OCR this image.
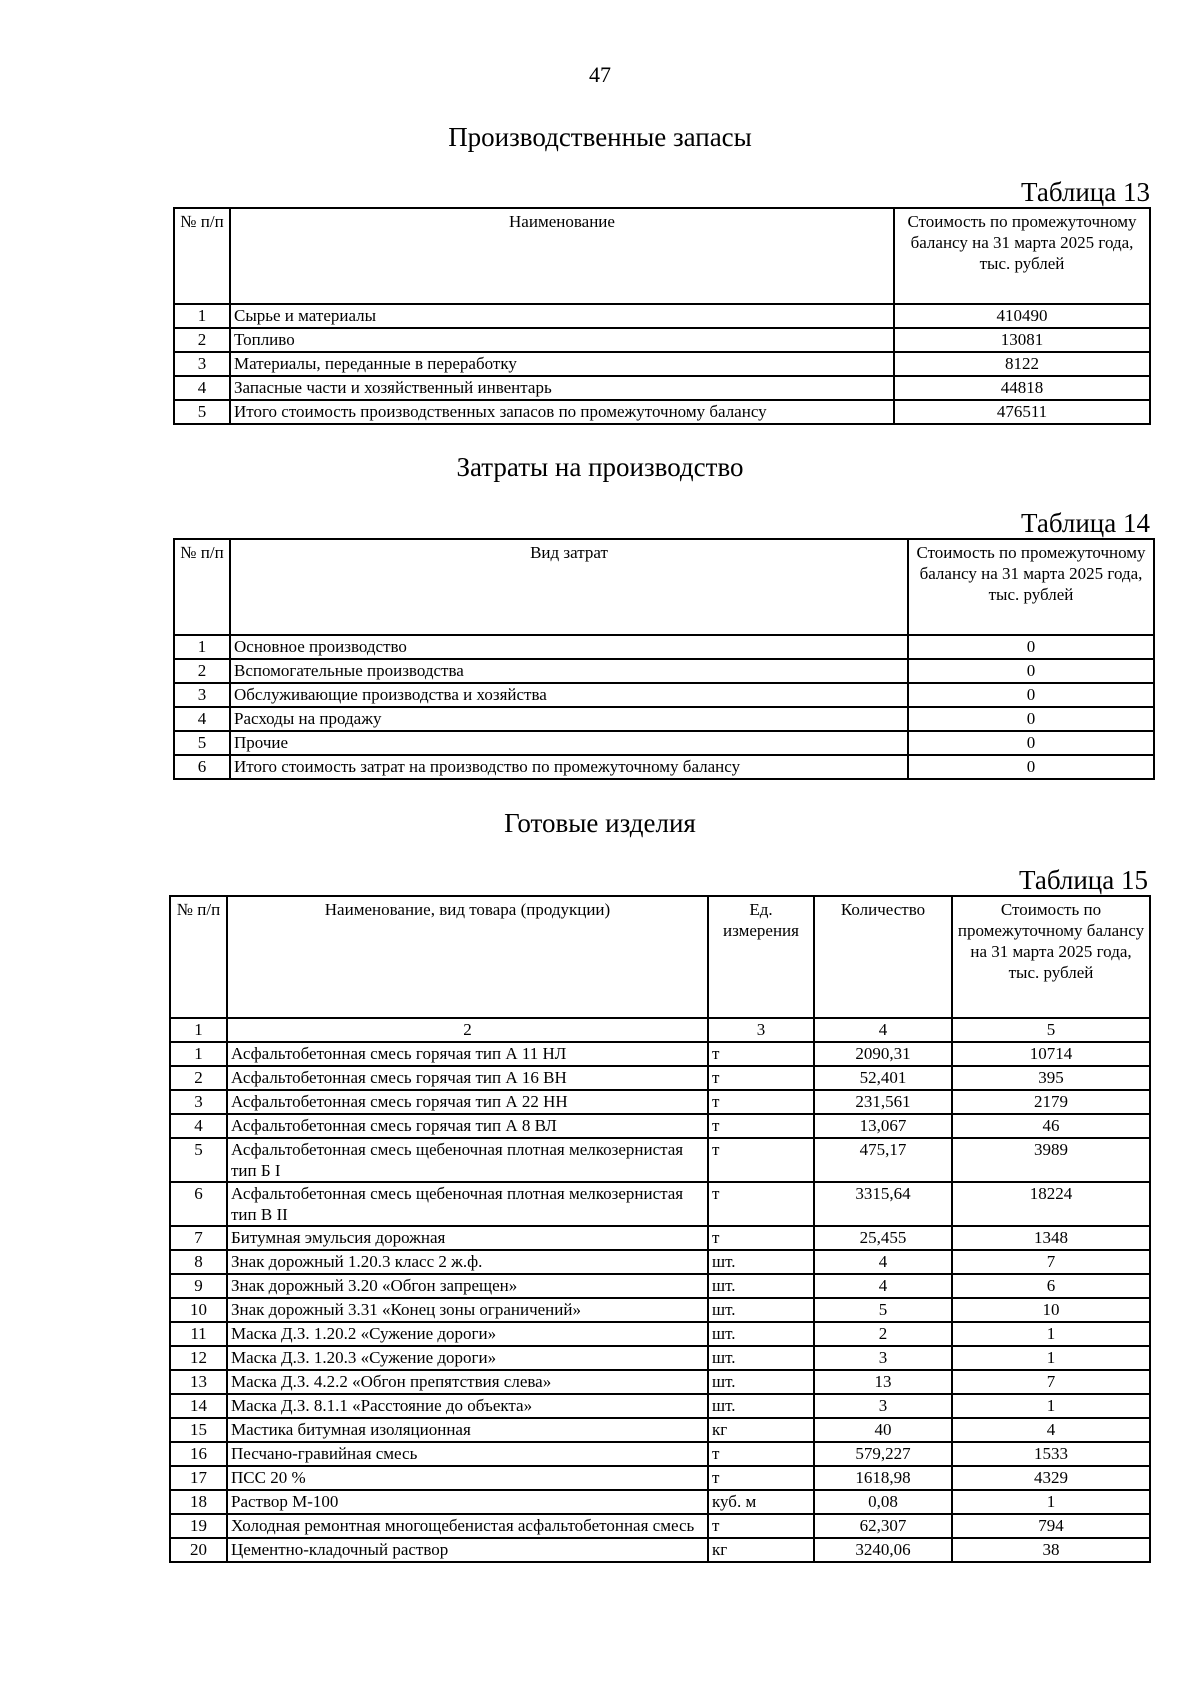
47
Производственные запасы
Таблица 13
№ п/п	Наименование	Стоимость по промежуточному балансу на 31 марта 2025 года, тыс. рублей
1	Сырье и материалы	410490
2	Топливо	13081
3	Материалы, переданные в переработку	8122
4	Запасные части и хозяйственный инвентарь	44818
5	Итого стоимость производственных запасов по промежуточному балансу	476511
Затраты на производство
Таблица 14
№ п/п	Вид затрат	Стоимость по промежуточному балансу на 31 марта 2025 года, тыс. рублей
1	Основное производство	0
2	Вспомогательные производства	0
3	Обслуживающие производства и хозяйства	0
4	Расходы на продажу	0
5	Прочие	0
6	Итого стоимость затрат на производство по промежуточному балансу	0
Готовые изделия
Таблица 15
№ п/п	Наименование, вид товара (продукции)	Ед. измерения	Количество	Стоимость по промежуточному балансу на 31 марта 2025 года, тыс. рублей
1	2	3	4	5
1	Асфальтобетонная смесь горячая тип А 11 НЛ	т	2090,31	10714
2	Асфальтобетонная смесь горячая тип А 16 ВН	т	52,401	395
3	Асфальтобетонная смесь горячая тип А 22 НН	т	231,561	2179
4	Асфальтобетонная смесь горячая тип А 8 ВЛ	т	13,067	46
5	Асфальтобетонная смесь щебеночная плотная мелкозернистая тип Б I	т	475,17	3989
6	Асфальтобетонная смесь щебеночная плотная мелкозернистая тип В II	т	3315,64	18224
7	Битумная эмульсия дорожная	т	25,455	1348
8	Знак дорожный 1.20.3 класс 2 ж.ф.	шт.	4	7
9	Знак дорожный 3.20 «Обгон запрещен»	шт.	4	6
10	Знак дорожный 3.31 «Конец зоны ограничений»	шт.	5	10
11	Маска Д.З. 1.20.2 «Сужение дороги»	шт.	2	1
12	Маска Д.З. 1.20.3 «Сужение дороги»	шт.	3	1
13	Маска Д.З. 4.2.2 «Обгон препятствия слева»	шт.	13	7
14	Маска Д.З. 8.1.1 «Расстояние до объекта»	шт.	3	1
15	Мастика битумная изоляционная	кг	40	4
16	Песчано-гравийная смесь	т	579,227	1533
17	ПСС 20 %	т	1618,98	4329
18	Раствор М-100	куб. м	0,08	1
19	Холодная ремонтная многощебенистая асфальтобетонная смесь	т	62,307	794
20	Цементно-кладочный раствор	кг	3240,06	38
